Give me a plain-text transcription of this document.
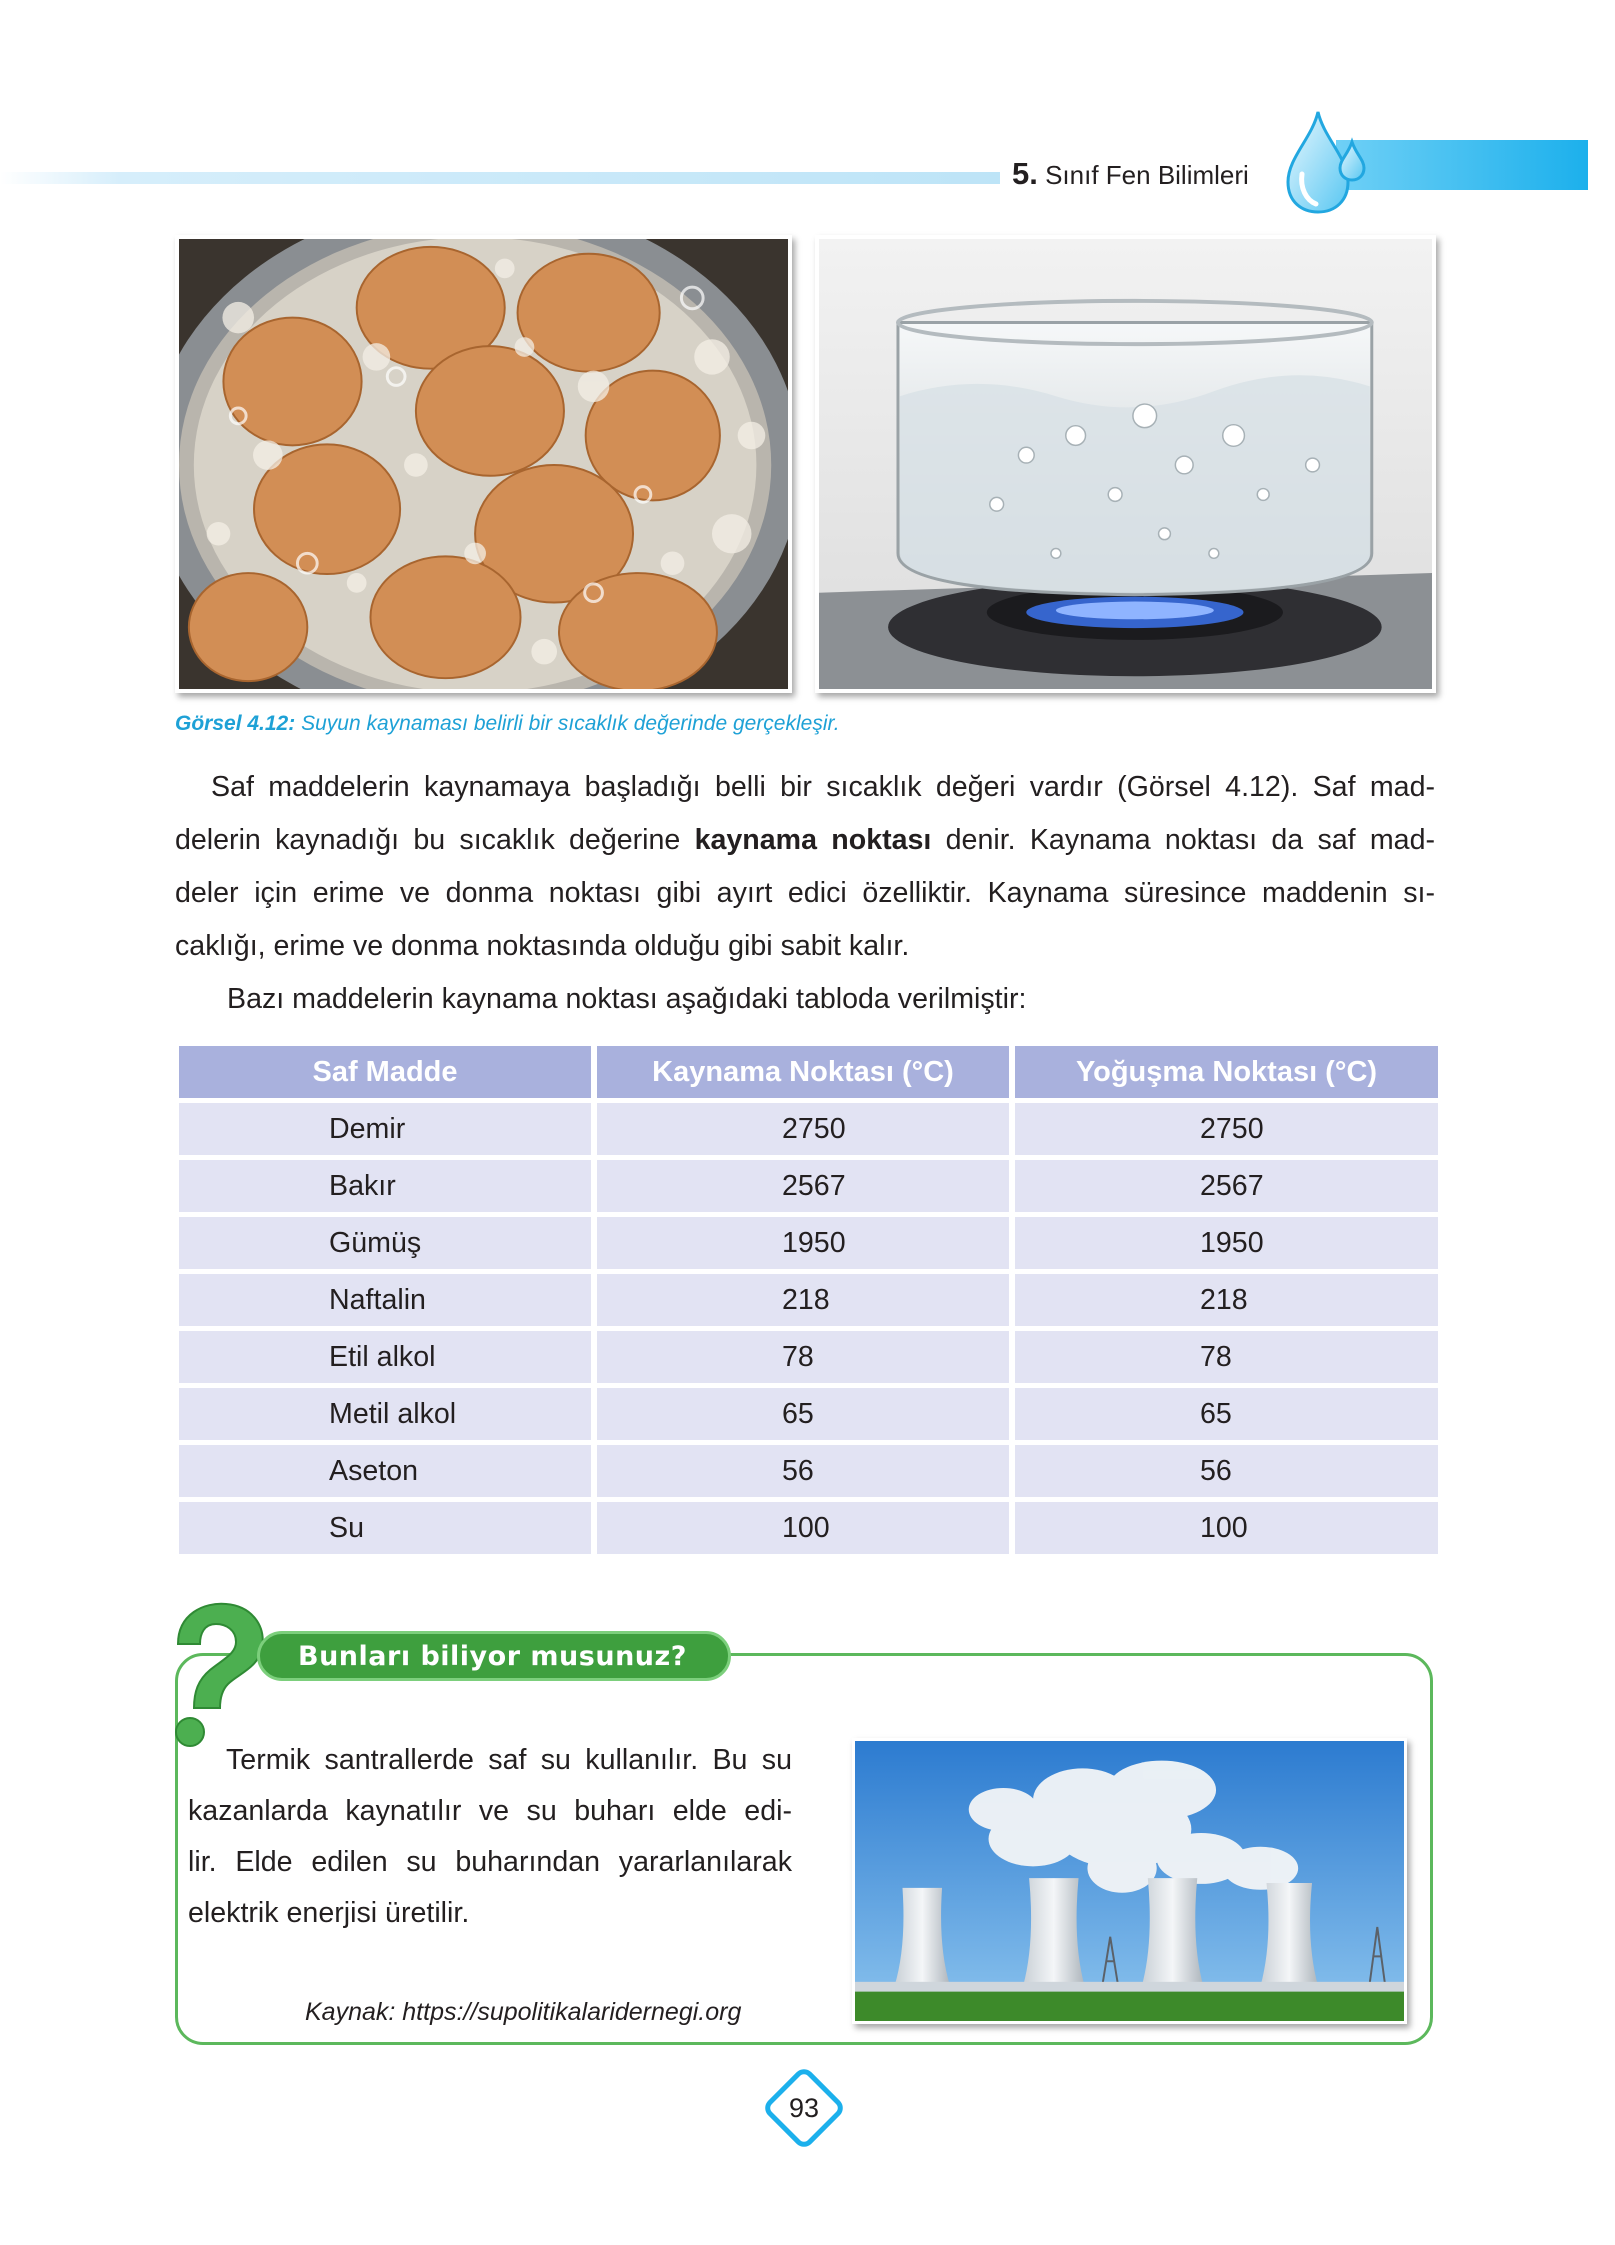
5. Sınıf Fen Bilimleri
Görsel 4.12: Suyun kaynaması belirli bir sıcaklık değerinde gerçekleşir.

Saf maddelerin kaynamaya başladığı belli bir sıcaklık değeri vardır (Görsel 4.12). Saf mad-

delerin kaynadığı bu sıcaklık değerine kaynama noktası denir. Kaynama noktası da saf mad-

deler için erime ve donma noktası gibi ayırt edici özelliktir. Kaynama süresince maddenin sı-

caklığı, erime ve donma noktasında olduğu gibi sabit kalır.

Bazı maddelerin kaynama noktası aşağıdaki tabloda verilmiştir:
Saf Madde	Kaynama Noktası (°C)	Yoğuşma Noktası (°C)
Demir	2750	2750
Bakır	2567	2567
Gümüş	1950	1950
Naftalin	218	218
Etil alkol	78	78
Metil alkol	65	65
Aseton	56	56
Su	100	100
Bunları biliyor musunuz?

Termik santrallerde saf su kullanılır. Bu su

kazanlarda kaynatılır ve su buharı elde edi-

lir. Elde edilen su buharından yararlanılarak

elektrik enerjisi üretilir.

Kaynak: https://supolitikalaridernegi.org
93
